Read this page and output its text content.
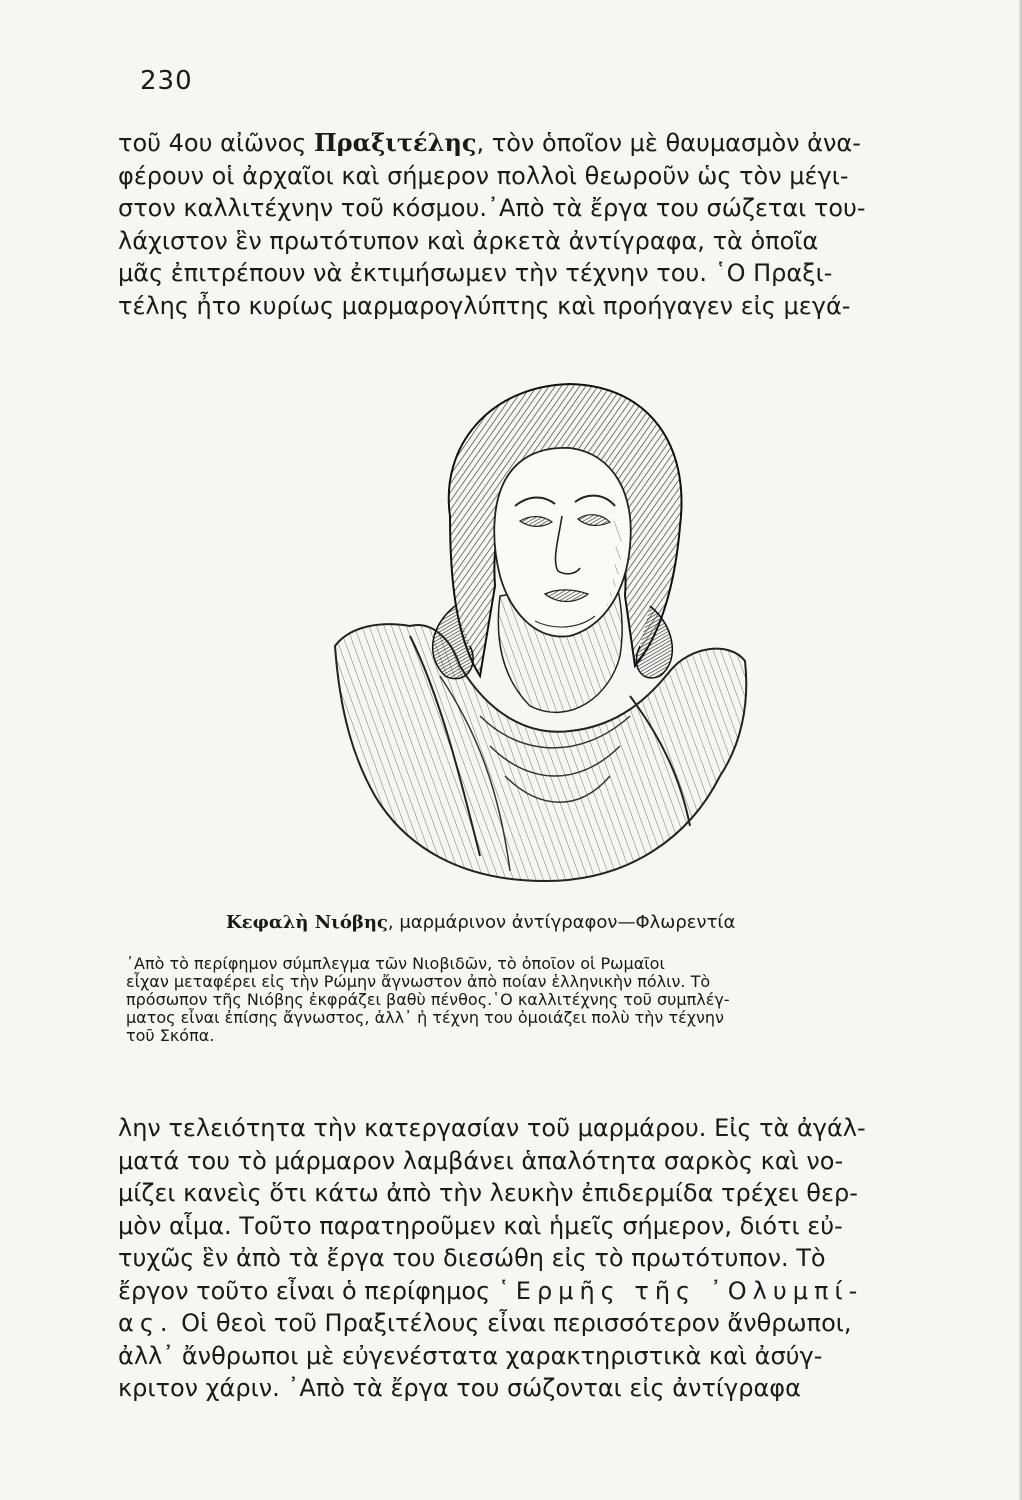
230

τοῦ 4ου αἰῶνος Πραξιτέλης, τὸν ὁποῖον μὲ θαυμασμὸν ἀνα-
φέρουν οἱ ἀρχαῖοι καὶ σήμερον πολλοὶ θεωροῦν ὡς τὸν μέγι-
στον καλλιτέχνην τοῦ κόσμου.᾿Απὸ τὰ ἔργα του σώζεται του-
λάχιστον ἓν πρωτότυπον καὶ ἀρκετὰ ἀντίγραφα, τὰ ὁποῖα
μᾶς ἐπιτρέπουν νὰ ἐκτιμήσωμεν τὴν τέχνην του. ῾Ο Πραξι-
τέλης ἦτο κυρίως μαρμαρογλύπτης καὶ προήγαγεν εἰς μεγά-

Κεφαλὴ Νιόβης, μαρμάρινον ἀντίγραφον—Φλωρεντία

᾿Απὸ τὸ περίφημον σύμπλεγμα τῶν Νιοβιδῶν, τὸ ὁποῖον οἱ Ρωμαῖοι
εἶχαν μεταφέρει εἰς τὴν Ρώμην ἄγνωστον ἀπὸ ποίαν ἑλληνικὴν πόλιν. Τὸ
πρόσωπον τῆς Νιόβης ἐκφράζει βαθὺ πένθος.῾Ο καλλιτέχνης τοῦ συμπλέγ-
ματος εἶναι ἐπίσης ἄγνωστος, ἀλλ᾿ ἡ τέχνη του ὁμοιάζει πολὺ τὴν τέχνην
τοῦ Σκόπα.

λην τελειότητα τὴν κατεργασίαν τοῦ μαρμάρου. Εἰς τὰ ἀγάλ-
ματά του τὸ μάρμαρον λαμβάνει ἁπαλότητα σαρκὸς καὶ νο-
μίζει κανεὶς ὅτι κάτω ἀπὸ τὴν λευκὴν ἐπιδερμίδα τρέχει θερ-
μὸν αἷμα. Τοῦτο παρατηροῦμεν καὶ ἡμεῖς σήμερον, διότι εὐ-
τυχῶς ἓν ἀπὸ τὰ ἔργα του διεσώθη εἰς τὸ πρωτότυπον. Τὸ
ἔργον τοῦτο εἶναι ὁ περίφημος ῾Ερμῆς τῆς ᾿Ολυμπί-
ας. Οἱ θεοὶ τοῦ Πραξιτέλους εἶναι περισσότερον ἄνθρωποι,
ἀλλ᾿ ἄνθρωποι μὲ εὐγενέστατα χαρακτηριστικὰ καὶ ἀσύγ-
κριτον χάριν. ᾿Απὸ τὰ ἔργα του σώζονται εἰς ἀντίγραφα
